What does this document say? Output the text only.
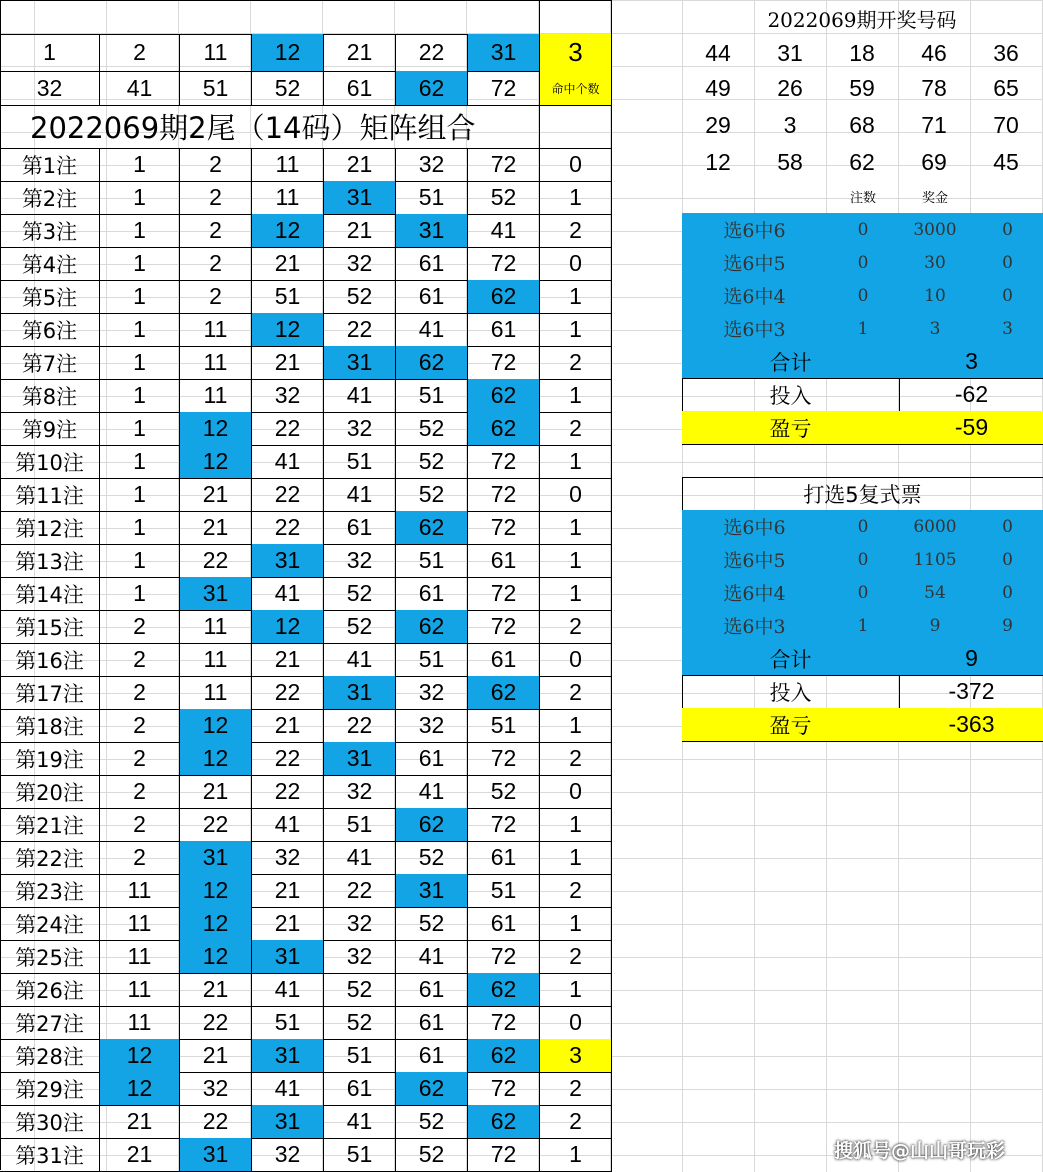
1	2	11	12	21	22	31	3
32	41	51	52	61	62	72	命中个数
2022069期2尾（14码）矩阵组合
第1注	1	2	11	21	32	72	0
第2注	1	2	11	31	51	52	1
第3注	1	2	12	21	31	41	2
第4注	1	2	21	32	61	72	0
第5注	1	2	51	52	61	62	1
第6注	1	11	12	22	41	61	1
第7注	1	11	21	31	62	72	2
第8注	1	11	32	41	51	62	1
第9注	1	12	22	32	52	62	2
第10注	1	12	41	51	52	72	1
第11注	1	21	22	41	52	72	0
第12注	1	21	22	61	62	72	1
第13注	1	22	31	32	51	61	1
第14注	1	31	41	52	61	72	1
第15注	2	11	12	52	62	72	2
第16注	2	11	21	41	51	61	0
第17注	2	11	22	31	32	62	2
第18注	2	12	21	22	32	51	1
第19注	2	12	22	31	61	72	2
第20注	2	21	22	32	41	52	0
第21注	2	22	41	51	62	72	1
第22注	2	31	32	41	52	61	1
第23注	11	12	21	22	31	51	2
第24注	11	12	21	32	52	61	1
第25注	11	12	31	32	41	72	2
第26注	11	21	41	52	61	62	1
第27注	11	22	51	52	61	72	0
第28注	12	21	31	51	61	62	3
第29注	12	32	41	61	62	72	2
第30注	21	22	31	41	52	62	2
第31注	21	31	32	51	52	72	1
2022069期开奖号码
44	31	18	46	36
49	26	59	78	65
29	3	68	71	70
12	58	62	69	45
注数	奖金
选6中6	0	3000	0
选6中5	0	30	0
选6中4	0	10	0
选6中3	1	3	3
合计	3
投入	-62
盈亏	-59
打选5复式票
选6中6	0	6000	0
选6中5	0	1105	0
选6中4	0	54	0
选6中3	1	9	9
合计	9
投入	-372
盈亏	-363
搜狐号@山山哥玩彩
